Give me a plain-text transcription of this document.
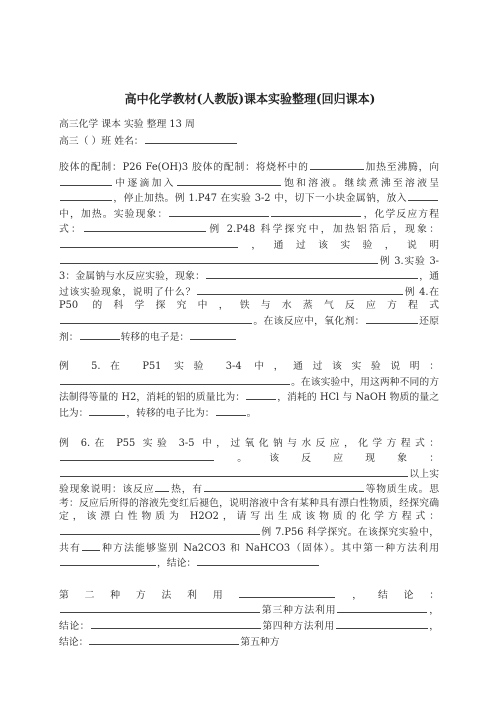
高中化学教材(人教版)课本实验整理(回归课本)
高三化学 课本 实验 整理 13 周
高三（ ）班 姓名：

胶体的配制：P26 Fe(OH)3 胶体的配制：将烧杯中的	加热至沸腾，向中逐滴加入	饱和溶液。继续煮沸至溶液呈，停止加热。例 1.P47 在实验 3-2 中，切下一小块金属钠，放入中，加热。实验现象：	，化学反应方程式：	例 2.P48 科学探究中，加热铝箔后，现象：，通过该实验，说明例 3.实验 3-3：金属钠与水反应实验，现象：	，通过该实验现象，说明了什么？	例 4.在 P50 的科学探究中，铁与水蒸气反应方程式。在该反应中，氧化剂：	还原剂：	转移的电子是：

例 5.在 P51 实验 3-4 中，通过该实验说明：。在该实验中，用这两种不同的方法制得等量的 H2，消耗的铝的质量比为：	，消耗的 HCl 与 NaOH 物质的量之比为：	，转移的电子比为：	。

例 6.在 P55 实验 3-5 中，过氧化钠与水反应，化学方程式：。该反应现象：以上实验现象说明：该反应 热，有	等物质生成。思考：反应后所得的溶液先变红后褪色，说明溶液中含有某种具有漂白性物质，经探究确定，该漂白性物质为 H2O2，请写出生成该物质的化学方程式：例 7.P56 科学探究。在该探究实验中，共有 种方法能够鉴别 Na2CO3 和 NaHCO3（固体）。其中第一种方法利用，结论：

第二种方法利用	，结论：第三种方法利用	，结论：	第四种方法利用	，结论：	第五种方
